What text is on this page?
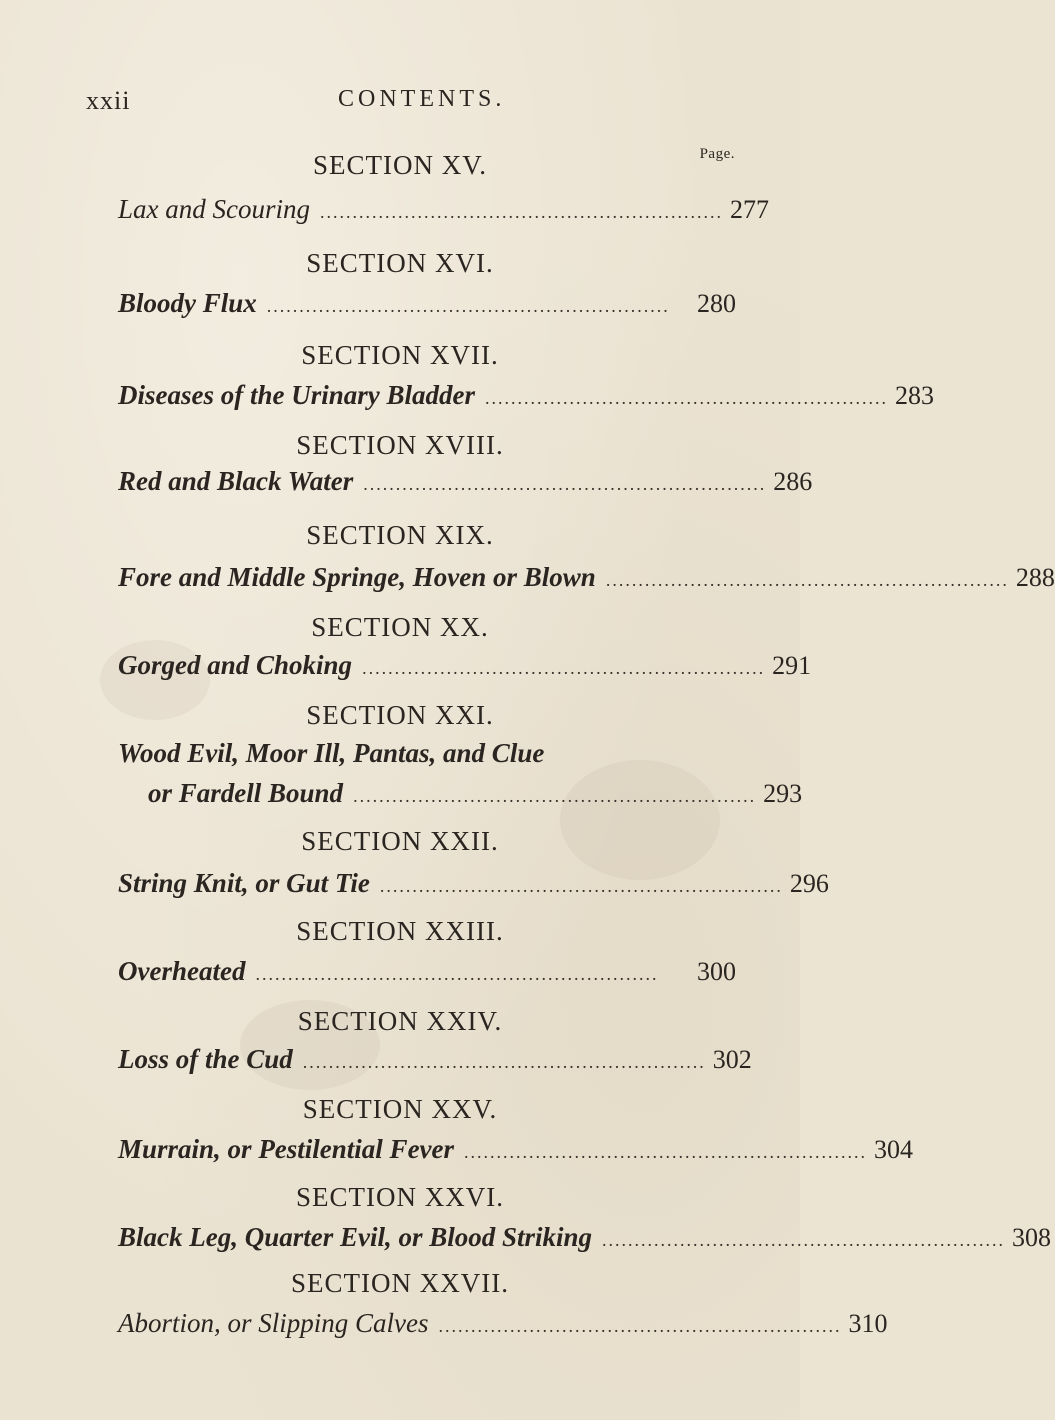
xxii	CONTENTS.
Page.
SECTION XV.
Lax and Scouring .............................................................. 277
SECTION XVI.
Bloody Flux ..............................................................	280
SECTION XVII.
Diseases of the Urinary Bladder .............................................................. 283
SECTION XVIII.
Red and Black Water .............................................................. 286
SECTION XIX.
Fore and Middle Springe, Hoven or Blown .............................................................. 288
SECTION XX.
Gorged and Choking .............................................................. 291
SECTION XXI.
Wood Evil, Moor Ill, Pantas, and Clue
or Fardell Bound .............................................................. 293
SECTION XXII.
String Knit, or Gut Tie .............................................................. 296
SECTION XXIII.
Overheated ..............................................................	300
SECTION XXIV.
Loss of the Cud .............................................................. 302
SECTION XXV.
Murrain, or Pestilential Fever .............................................................. 304
SECTION XXVI.
Black Leg, Quarter Evil, or Blood Striking .............................................................. 308
SECTION XXVII.
Abortion, or Slipping Calves .............................................................. 310
